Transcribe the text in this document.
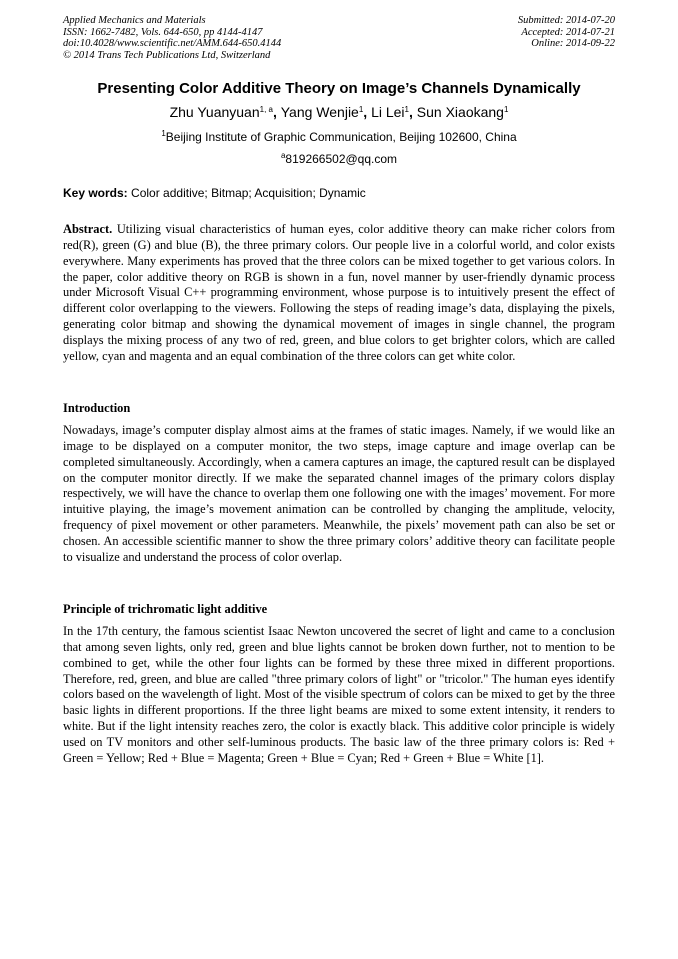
Applied Mechanics and Materials
ISSN: 1662-7482, Vols. 644-650, pp 4144-4147
doi:10.4028/www.scientific.net/AMM.644-650.4144
© 2014 Trans Tech Publications Ltd, Switzerland
Submitted: 2014-07-20
Accepted: 2014-07-21
Online: 2014-09-22
Presenting Color Additive Theory on Image’s Channels Dynamically
Zhu Yuanyuan$^{1, a}$, Yang Wenjie$^1$, Li Lei$^1$, Sun Xiaokang$^1$
$^1$Beijing Institute of Graphic Communication, Beijing 102600, China
$^a$819266502@qq.com
Key words: Color additive; Bitmap; Acquisition; Dynamic

Abstract. Utilizing visual characteristics of human eyes, color additive theory can make richer colors from red(R), green (G) and blue (B), the three primary colors. Our people live in a colorful world, and color exists everywhere. Many experiments has proved that the three colors can be mixed together to get various colors. In the paper, color additive theory on RGB is shown in a fun, novel manner by user-friendly dynamic process under Microsoft Visual C++ programming environment, whose purpose is to intuitively present the effect of different color overlapping to the viewers. Following the steps of reading image’s data, displaying the pixels, generating color bitmap and showing the dynamical movement of images in single channel, the program displays the mixing process of any two of red, green, and blue colors to get brighter colors, which are called yellow, cyan and magenta and an equal combination of the three colors can get white color.

Introduction

Nowadays, image’s computer display almost aims at the frames of static images. Namely, if we would like an image to be displayed on a computer monitor, the two steps, image capture and image overlap can be completed simultaneously. Accordingly, when a camera captures an image, the captured result can be displayed on the computer monitor directly. If we make the separated channel images of the primary colors display respectively, we will have the chance to overlap them one following one with the images’ movement. For more intuitive playing, the image’s movement animation can be controlled by changing the amplitude, velocity, frequency of pixel movement or other parameters. Meanwhile, the pixels’ movement path can also be set or chosen. An accessible scientific manner to show the three primary colors’ additive theory can facilitate people to visualize and understand the process of color overlap.

Principle of trichromatic light additive

In the 17th century, the famous scientist Isaac Newton uncovered the secret of light and came to a conclusion that among seven lights, only red, green and blue lights cannot be broken down further, not to mention to be combined to get, while the other four lights can be formed by these three mixed in different proportions. Therefore, red, green, and blue are called "three primary colors of light" or "tricolor." The human eyes identify colors based on the wavelength of light. Most of the visible spectrum of colors can be mixed to get by the three basic lights in different proportions. If the three light beams are mixed to some extent intensity, it renders to white. But if the light intensity reaches zero, the color is exactly black. This additive color principle is widely used on TV monitors and other self-luminous products. The basic law of the three primary colors is: Red + Green = Yellow; Red + Blue = Magenta; Green + Blue = Cyan; Red + Green + Blue = White [1].
